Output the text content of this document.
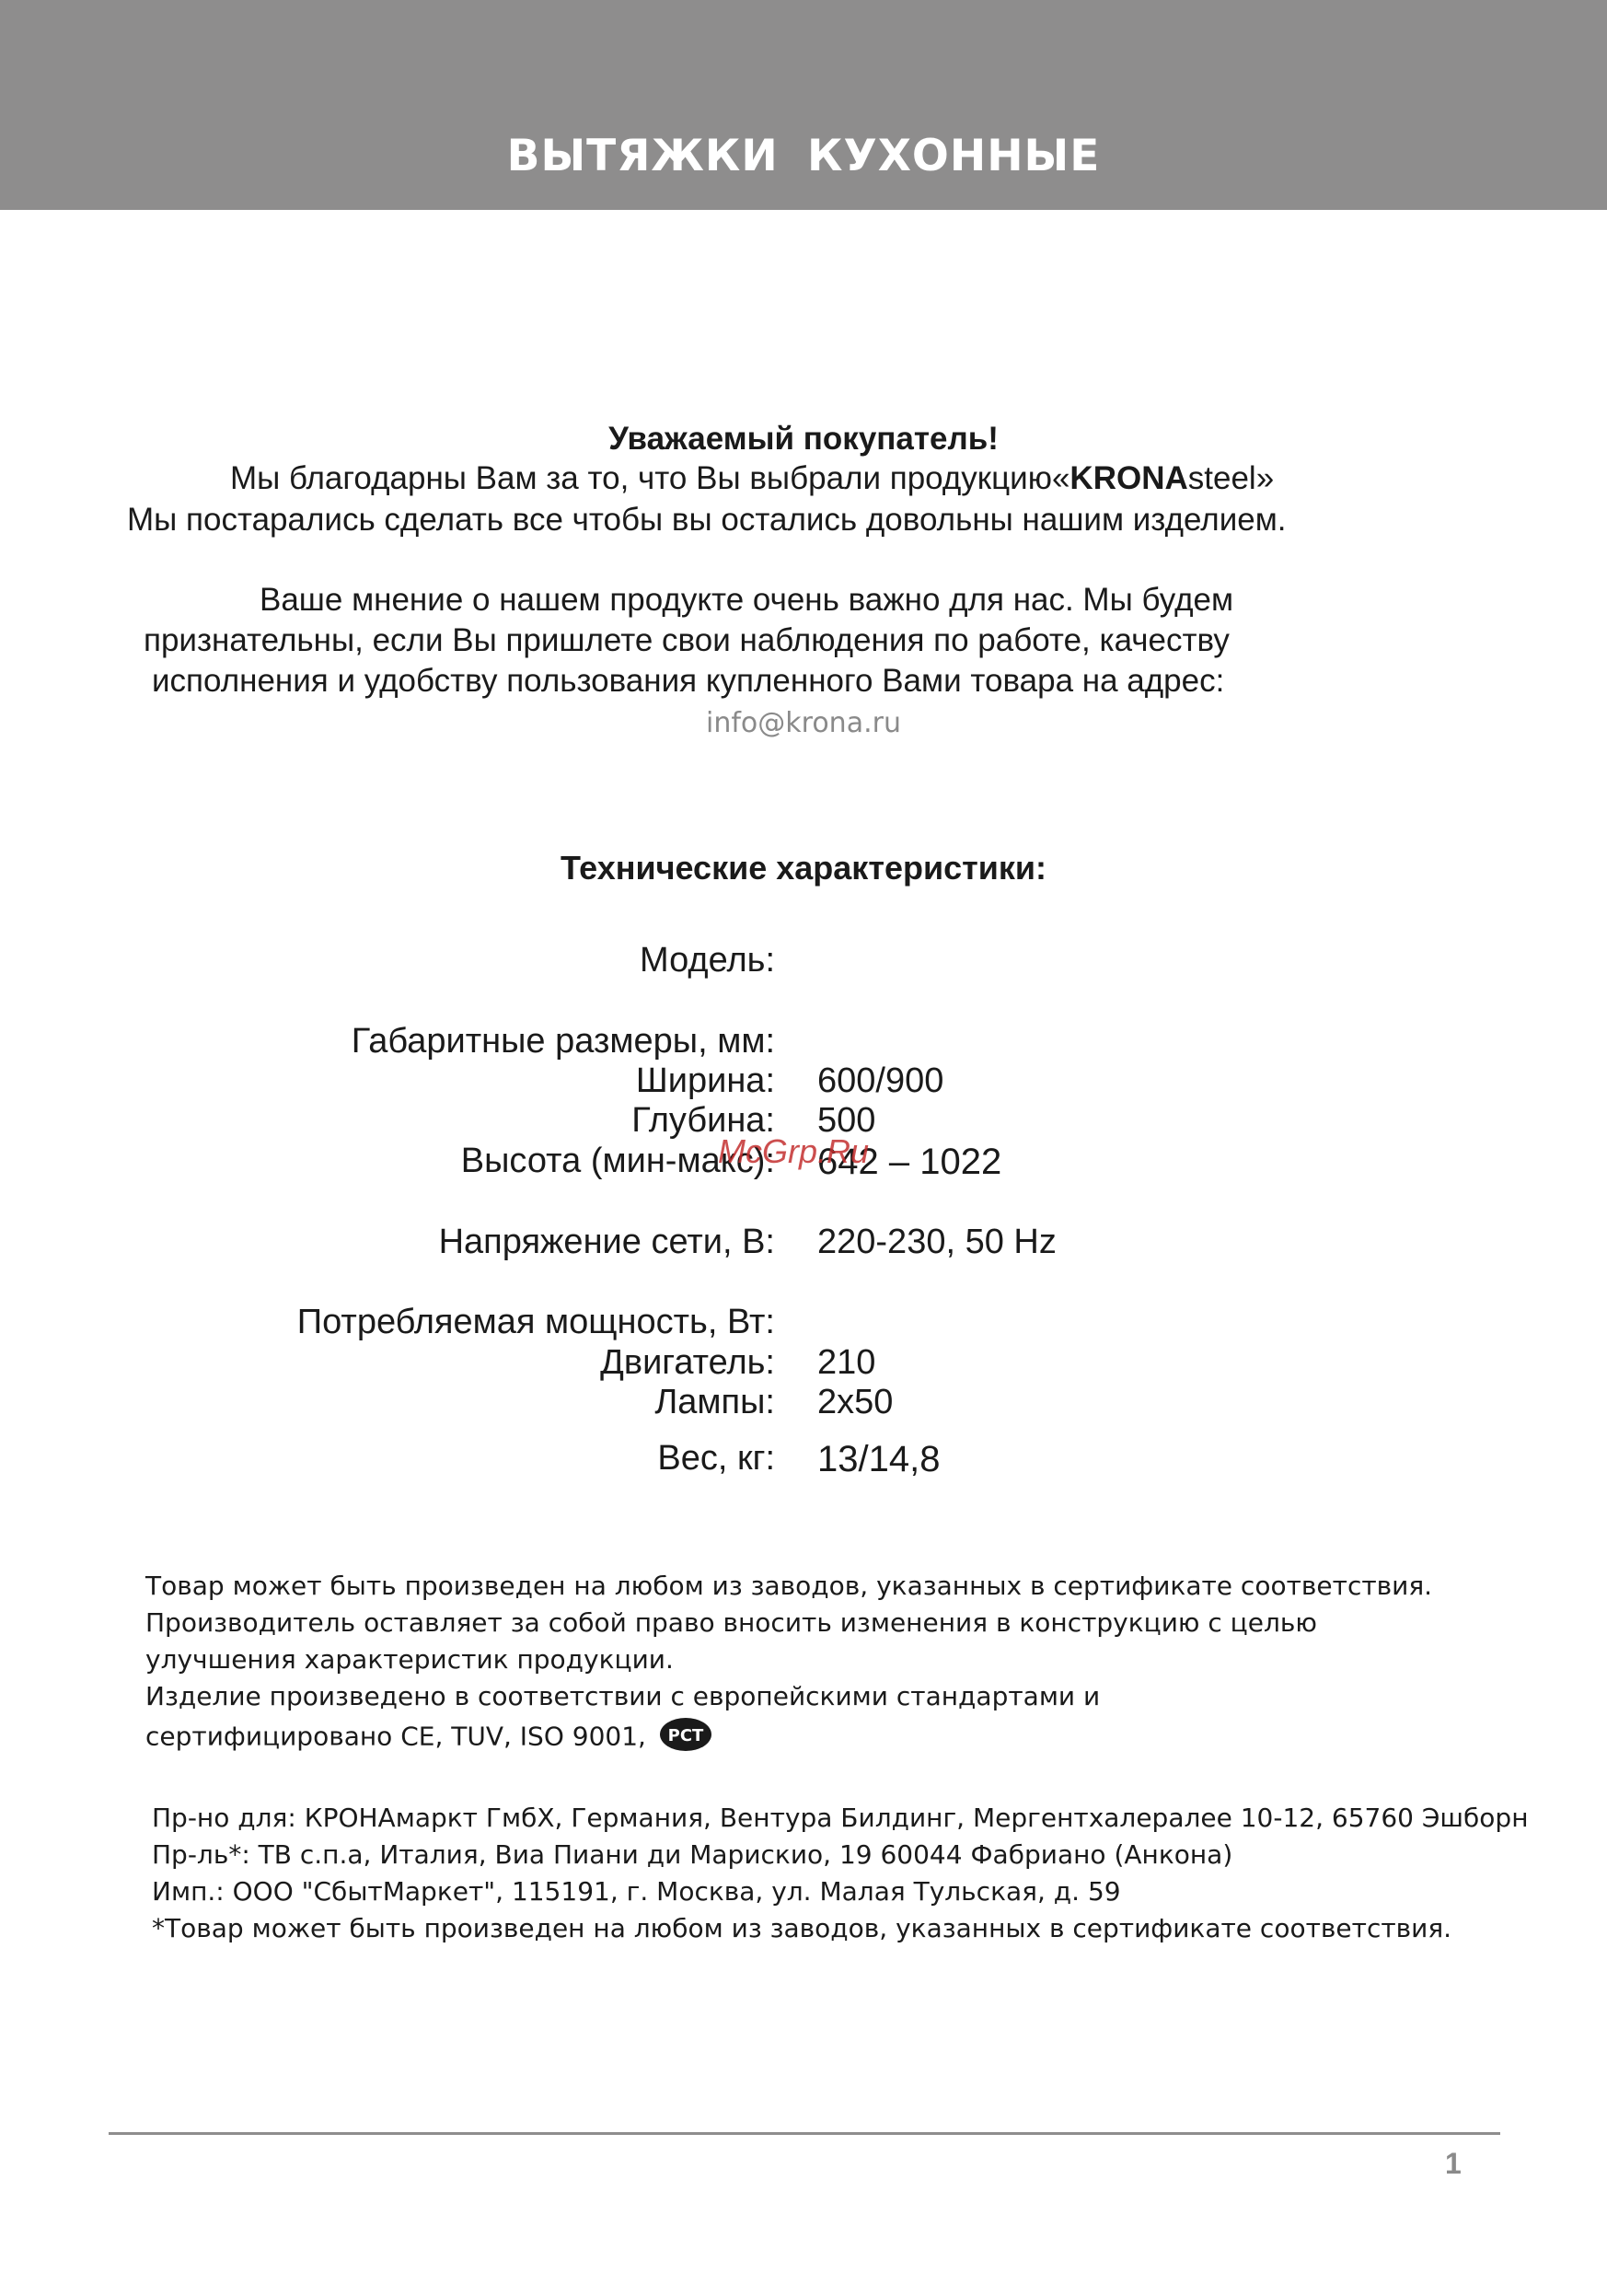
ВЫТЯЖКИ КУХОННЫЕ
Уважаемый покупатель!
Мы благодарны Вам за то, что Вы выбрали продукцию«KRONAsteel»
Мы постарались сделать все чтобы вы остались довольны нашим изделием.
Ваше мнение о нашем продукте очень важно для нас. Мы будем
признательны, если Вы пришлете свои наблюдения по работе, качеству
исполнения и удобству пользования купленного Вами товара на адрес:
info@krona.ru
Технические характеристики:
Модель:
Габаритные размеры, мм:
Ширина: 600/900
Глубина: 500
Высота (мин-макс): 642 – 1022
Напряжение сети, В: 220-230, 50 Hz
Потребляемая мощность, Вт:
Двигатель: 210
Лампы: 2х50
Вес, кг: 13/14,8
McGrp.Ru
Товар может быть произведен на любом из заводов, указанных в сертификате соответствия.
Производитель оставляет за собой право вносить изменения в конструкцию с целью
улучшения характеристик продукции.
Изделие произведено в соответствии с европейскими стандартами и
сертифицировано CE, TUV, ISO 9001, РСТ
Пр-но для: КРОНАмаркт ГмбХ, Германия, Вентура Билдинг, Мергентхалералее 10-12, 65760 Эшборн
Пр-ль*: ТВ с.п.а, Италия, Виа Пиани ди Марискио, 19 60044 Фабриано (Анкона)
Имп.: ООО "СбытМаркет", 115191, г. Москва, ул. Малая Тульская, д. 59
*Товар может быть произведен на любом из заводов, указанных в сертификате соответствия.
1
